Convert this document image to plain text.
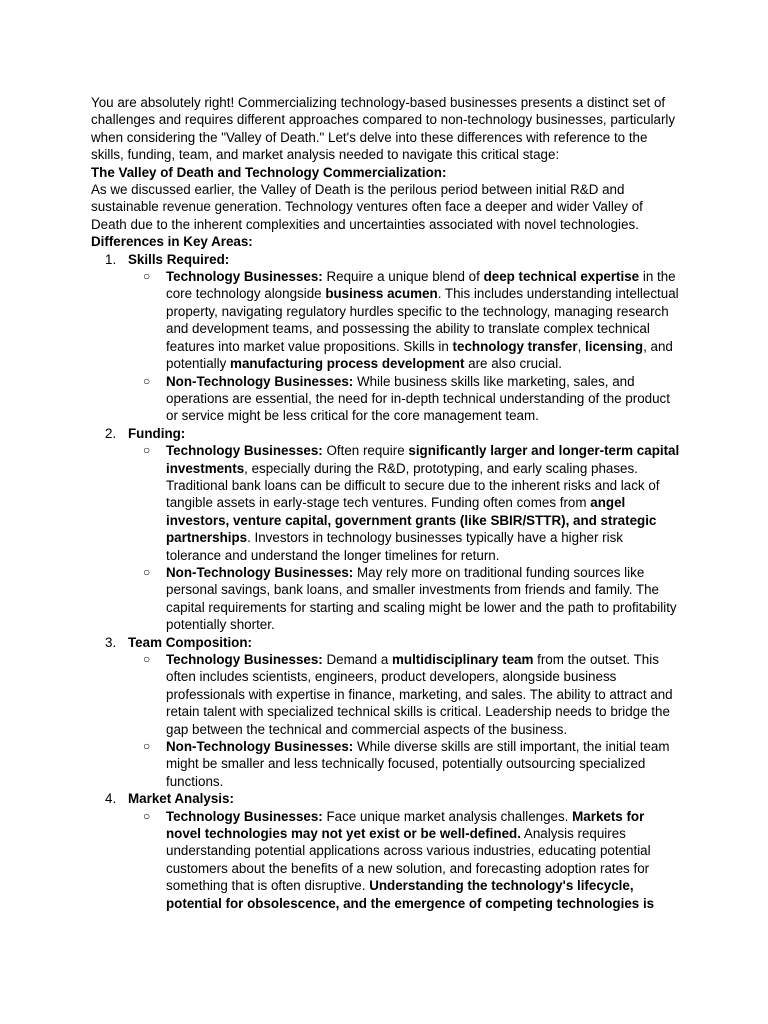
You are absolutely right! Commercializing technology-based businesses presents a distinct set of challenges and requires different approaches compared to non-technology businesses, particularly when considering the "Valley of Death." Let's delve into these differences with reference to the skills, funding, team, and market analysis needed to navigate this critical stage:

The Valley of Death and Technology Commercialization:

As we discussed earlier, the Valley of Death is the perilous period between initial R&D and sustainable revenue generation. Technology ventures often face a deeper and wider Valley of Death due to the inherent complexities and uncertainties associated with novel technologies.

Differences in Key Areas:

1. Skills Required:
○ Technology Businesses: Require a unique blend of deep technical expertise in the core technology alongside business acumen. This includes understanding intellectual property, navigating regulatory hurdles specific to the technology, managing research and development teams, and possessing the ability to translate complex technical features into market value propositions. Skills in technology transfer, licensing, and potentially manufacturing process development are also crucial.
○ Non-Technology Businesses: While business skills like marketing, sales, and operations are essential, the need for in-depth technical understanding of the product or service might be less critical for the core management team.
2. Funding:
○ Technology Businesses: Often require significantly larger and longer-term capital investments, especially during the R&D, prototyping, and early scaling phases. Traditional bank loans can be difficult to secure due to the inherent risks and lack of tangible assets in early-stage tech ventures. Funding often comes from angel investors, venture capital, government grants (like SBIR/STTR), and strategic partnerships. Investors in technology businesses typically have a higher risk tolerance and understand the longer timelines for return.
○ Non-Technology Businesses: May rely more on traditional funding sources like personal savings, bank loans, and smaller investments from friends and family. The capital requirements for starting and scaling might be lower and the path to profitability potentially shorter.
3. Team Composition:
○ Technology Businesses: Demand a multidisciplinary team from the outset. This often includes scientists, engineers, product developers, alongside business professionals with expertise in finance, marketing, and sales. The ability to attract and retain talent with specialized technical skills is critical. Leadership needs to bridge the gap between the technical and commercial aspects of the business.
○ Non-Technology Businesses: While diverse skills are still important, the initial team might be smaller and less technically focused, potentially outsourcing specialized functions.
4. Market Analysis:
○ Technology Businesses: Face unique market analysis challenges. Markets for novel technologies may not yet exist or be well-defined. Analysis requires understanding potential applications across various industries, educating potential customers about the benefits of a new solution, and forecasting adoption rates for something that is often disruptive. Understanding the technology's lifecycle, potential for obsolescence, and the emergence of competing technologies is
